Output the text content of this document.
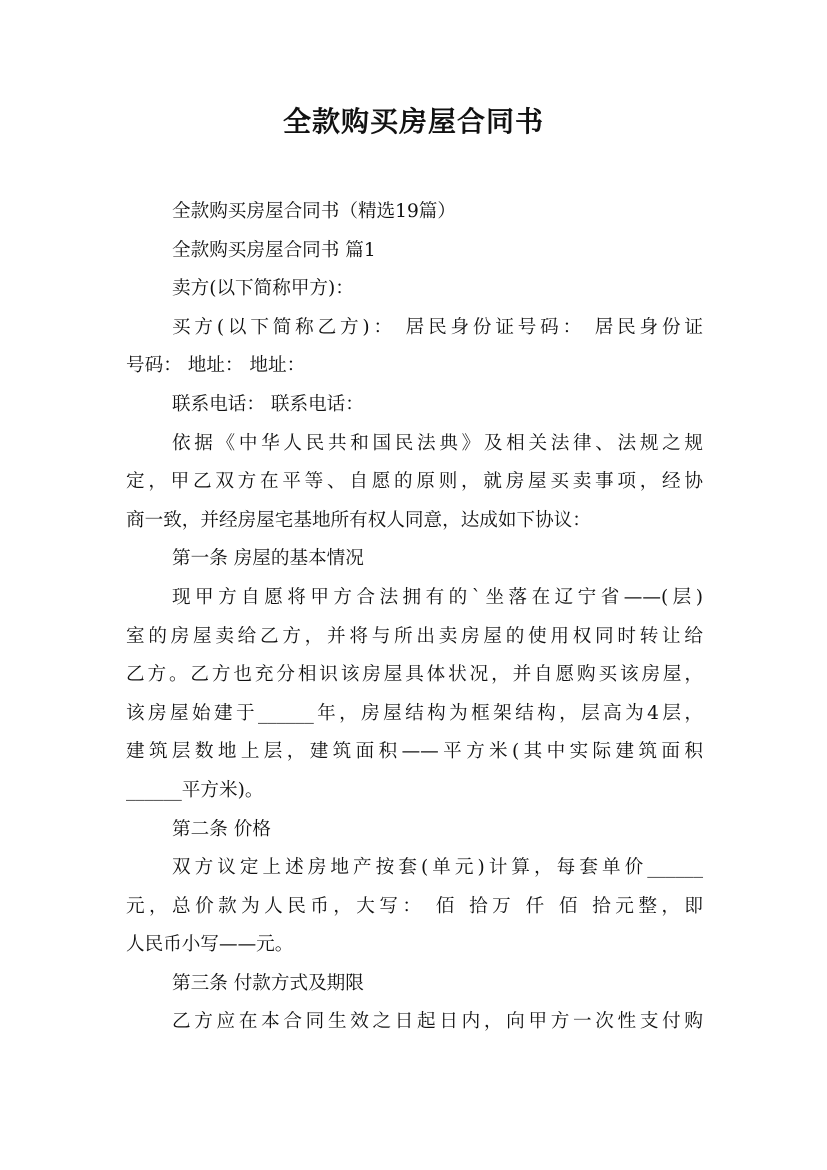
全款购买房屋合同书
全款购买房屋合同书（精选19篇）
全款购买房屋合同书 篇1
卖方(以下简称甲方)：
买方(以下简称乙方)： 居民身份证号码： 居民身份证
号码： 地址： 地址：
联系电话： 联系电话：
依据《中华人民共和国民法典》及相关法律、法规之规
定，甲乙双方在平等、自愿的原则，就房屋买卖事项，经协
商一致，并经房屋宅基地所有权人同意，达成如下协议：
第一条 房屋的基本情况
现甲方自愿将甲方合法拥有的`坐落在辽宁省——(层)
室的房屋卖给乙方，并将与所出卖房屋的使用权同时转让给
乙方。乙方也充分相识该房屋具体状况，并自愿购买该房屋，
该房屋始建于______年，房屋结构为框架结构，层高为4层，
建筑层数地上层，建筑面积——平方米(其中实际建筑面积
______平方米)。
第二条 价格
双方议定上述房地产按套(单元)计算，每套单价______
元，总价款为人民币，大写： 佰 拾万 仟 佰 拾元整，即
人民币小写——元。
第三条 付款方式及期限
乙方应在本合同生效之日起日内，向甲方一次性支付购
